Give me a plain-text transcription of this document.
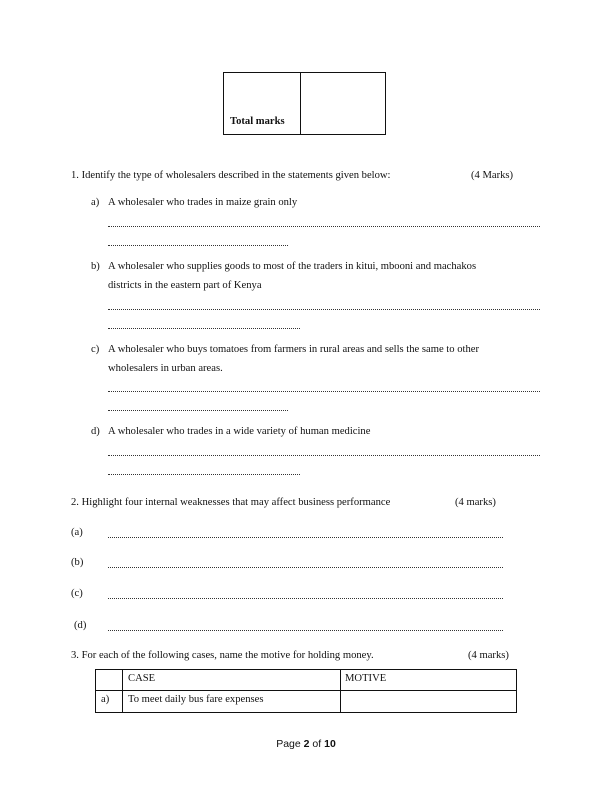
Total marks
1. Identify the type of wholesalers described in the statements given below:	(4 Marks)
a) A wholesaler who trades in maize grain only
b) A wholesaler who supplies goods to most of the traders in kitui, mbooni and machakos
districts in the eastern part of Kenya
c) A wholesaler who buys tomatoes from farmers in rural areas and sells the same to other
wholesalers in urban areas.
d) A wholesaler who trades in a wide variety of human medicine
2. Highlight four internal weaknesses that may affect business performance	(4 marks)
(a)
(b)
(c)
(d)
3. For each of the following cases, name the motive for holding money.	(4 marks)
CASE	MOTIVE
a) To meet daily bus fare expenses
Page 2 of 10
